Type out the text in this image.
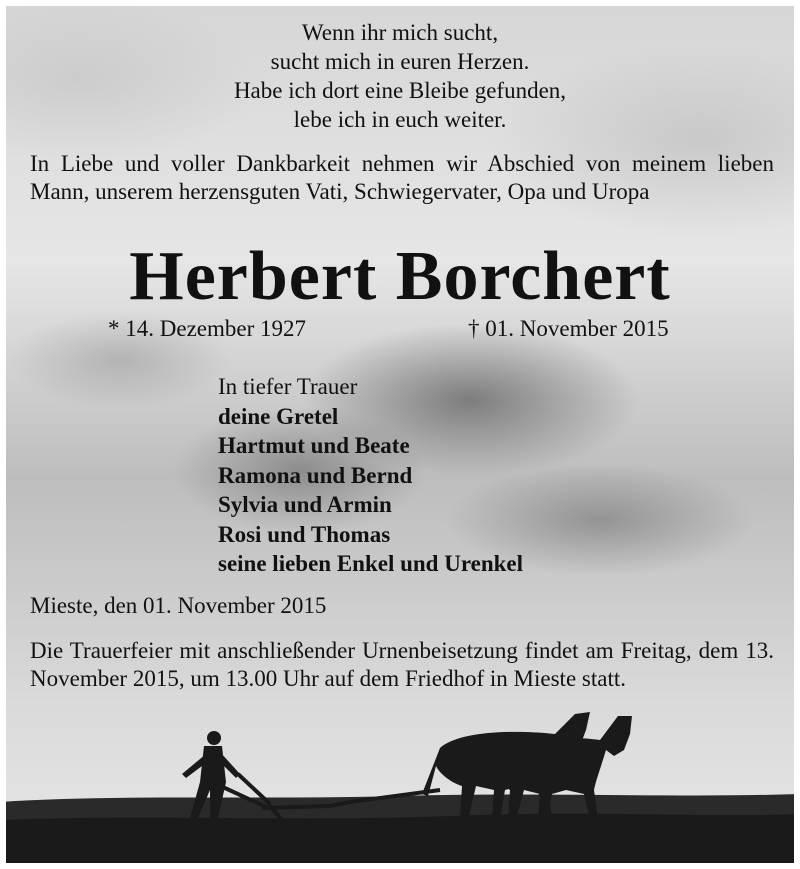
Wenn ihr mich sucht,
sucht mich in euren Herzen.
Habe ich dort eine Bleibe gefunden,
lebe ich in euch weiter.
In Liebe und voller Dankbarkeit nehmen wir Abschied von meinem lieben Mann, unserem herzensguten Vati, Schwiegervater, Opa und Uropa
Herbert Borchert
* 14. Dezember 1927	† 01. November 2015
In tiefer Trauer
deine Gretel
Hartmut und Beate
Ramona und Bernd
Sylvia und Armin
Rosi und Thomas
seine lieben Enkel und Urenkel
Mieste, den 01. November 2015
Die Trauerfeier mit anschließender Urnenbeisetzung findet am Freitag, dem 13. November 2015, um 13.00 Uhr auf dem Friedhof in Mieste statt.
